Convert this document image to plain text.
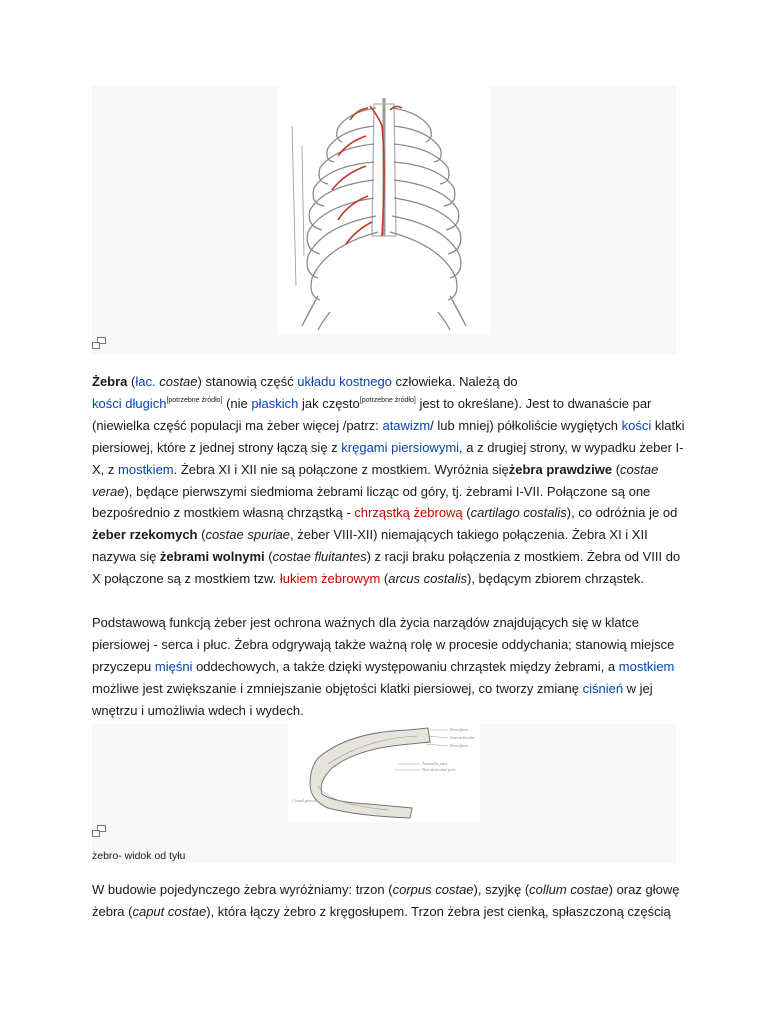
Żebra (łac. costae) stanowią część układu kostnego człowieka. Należą do
kości długich[potrzebne źródło] (nie płaskich jak często[potrzebne źródło] jest to określane). Jest to dwanaście par (niewielka część populacji ma żeber więcej /patrz: atawizm/ lub mniej) półkoliście wygiętych kości klatki piersiowej, które z jednej strony łączą się z kręgami piersiowymi, a z drugiej strony, w wypadku żeber I-X, z mostkiem. Żebra XI i XII nie są połączone z mostkiem. Wyróżnia siężebra prawdziwe (costae verae), będące pierwszymi siedmioma żebrami licząc od góry, tj. żebrami I-VII. Połączone są one bezpośrednio z mostkiem własną chrząstką - chrząstką żebrową (cartilago costalis), co odróżnia je od żeber rzekomych (costae spuriae, żeber VIII-XII) niemających takiego połączenia. Żebra XI i XII nazywa się żebrami wolnymi (costae fluitantes) z racji braku połączenia z mostkiem. Żebra od VIII do X połączone są z mostkiem tzw. łukiem żebrowym (arcus costalis), będącym zbiorem chrząstek.

Podstawową funkcją żeber jest ochrona ważnych dla życia narządów znajdujących się w klatce piersiowej - serca i płuc. Żebra odgrywają także ważną rolę w procesie oddychania; stanowią miejsce przyczepu mięśni oddechowych, a także dzięki występowaniu chrząstek między żebrami, a mostkiem możliwe jest zwiększanie i zmniejszanie objętości klatki piersiowej, co tworzy zmianę ciśnień w jej wnętrzu i umożliwia wdech i wydech.

Demifacet
Interarticular
Demifacet
Articular part
Non-articular part
Costal groove
żebro- widok od tyłu

W budowie pojedynczego żebra wyróżniamy: trzon (corpus costae), szyjkę (collum costae) oraz głowę żebra (caput costae), która łączy żebro z kręgosłupem. Trzon żebra jest cienką, spłaszczoną częścią
